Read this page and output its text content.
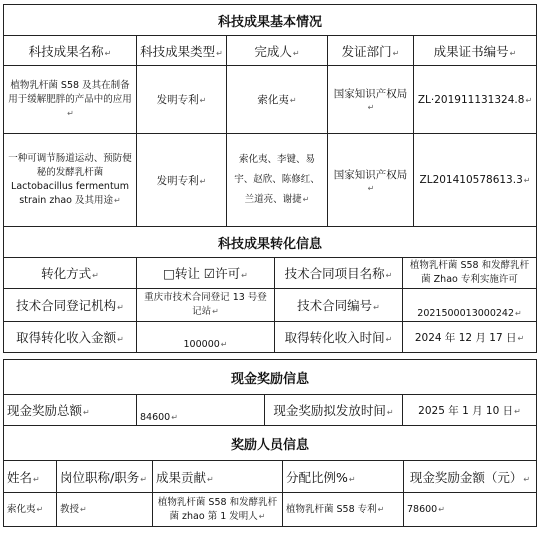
科技成果基本情况				
科技成果名称 ↵	科技成果类型 ↵	完成人 ↵	发证部门 ↵	成果证书编号 ↵
植物乳杆菌 S58 及其在制备用于缓解肥胖的产品中的应用 ↵	发明专利 ↵	索化夷 ↵	国家知识产权局 ↵	ZL·201911131324.8 ↵
一种可调节肠道运动、预防便秘的发酵乳杆菌 Lactobacillus fermentum strain zhao 及其用途 ↵	发明专利 ↵	索化夷、李键、易宇、赵欣、陈修红、兰道亮、谢捷 ↵	国家知识产权局 ↵	ZL201410578613.3 ↵
科技成果转化信息			
转化方式 ↵	□转让 ☑许可 ↵	技术合同项目名称 ↵	植物乳杆菌 S58 和发酵乳杆菌 Zhao 专利实施许可
技术合同登记机构 ↵	重庆市技术合同登记 13 号登记站 ↵	技术合同编号 ↵	2021500013000242 ↵
取得转化收入金额 ↵	100000 ↵	取得转化收入时间 ↵	2024 年 12 月 17 日 ↵
现金奖励信息
现金奖励总额 ↵	84600 ↵	现金奖励拟发放时间 ↵	2025 年 1 月 10 日 ↵
奖励人员信息				
姓名 ↵	岗位职称/职务 ↵	成果贡献 ↵	分配比例% ↵	现金奖励金额（元） ↵
索化夷 ↵	教授 ↵	植物乳杆菌 S58 和发酵乳杆菌 zhao 第 1 发明人 ↵	植物乳杆菌 S58 专利 ↵	78600 ↵
